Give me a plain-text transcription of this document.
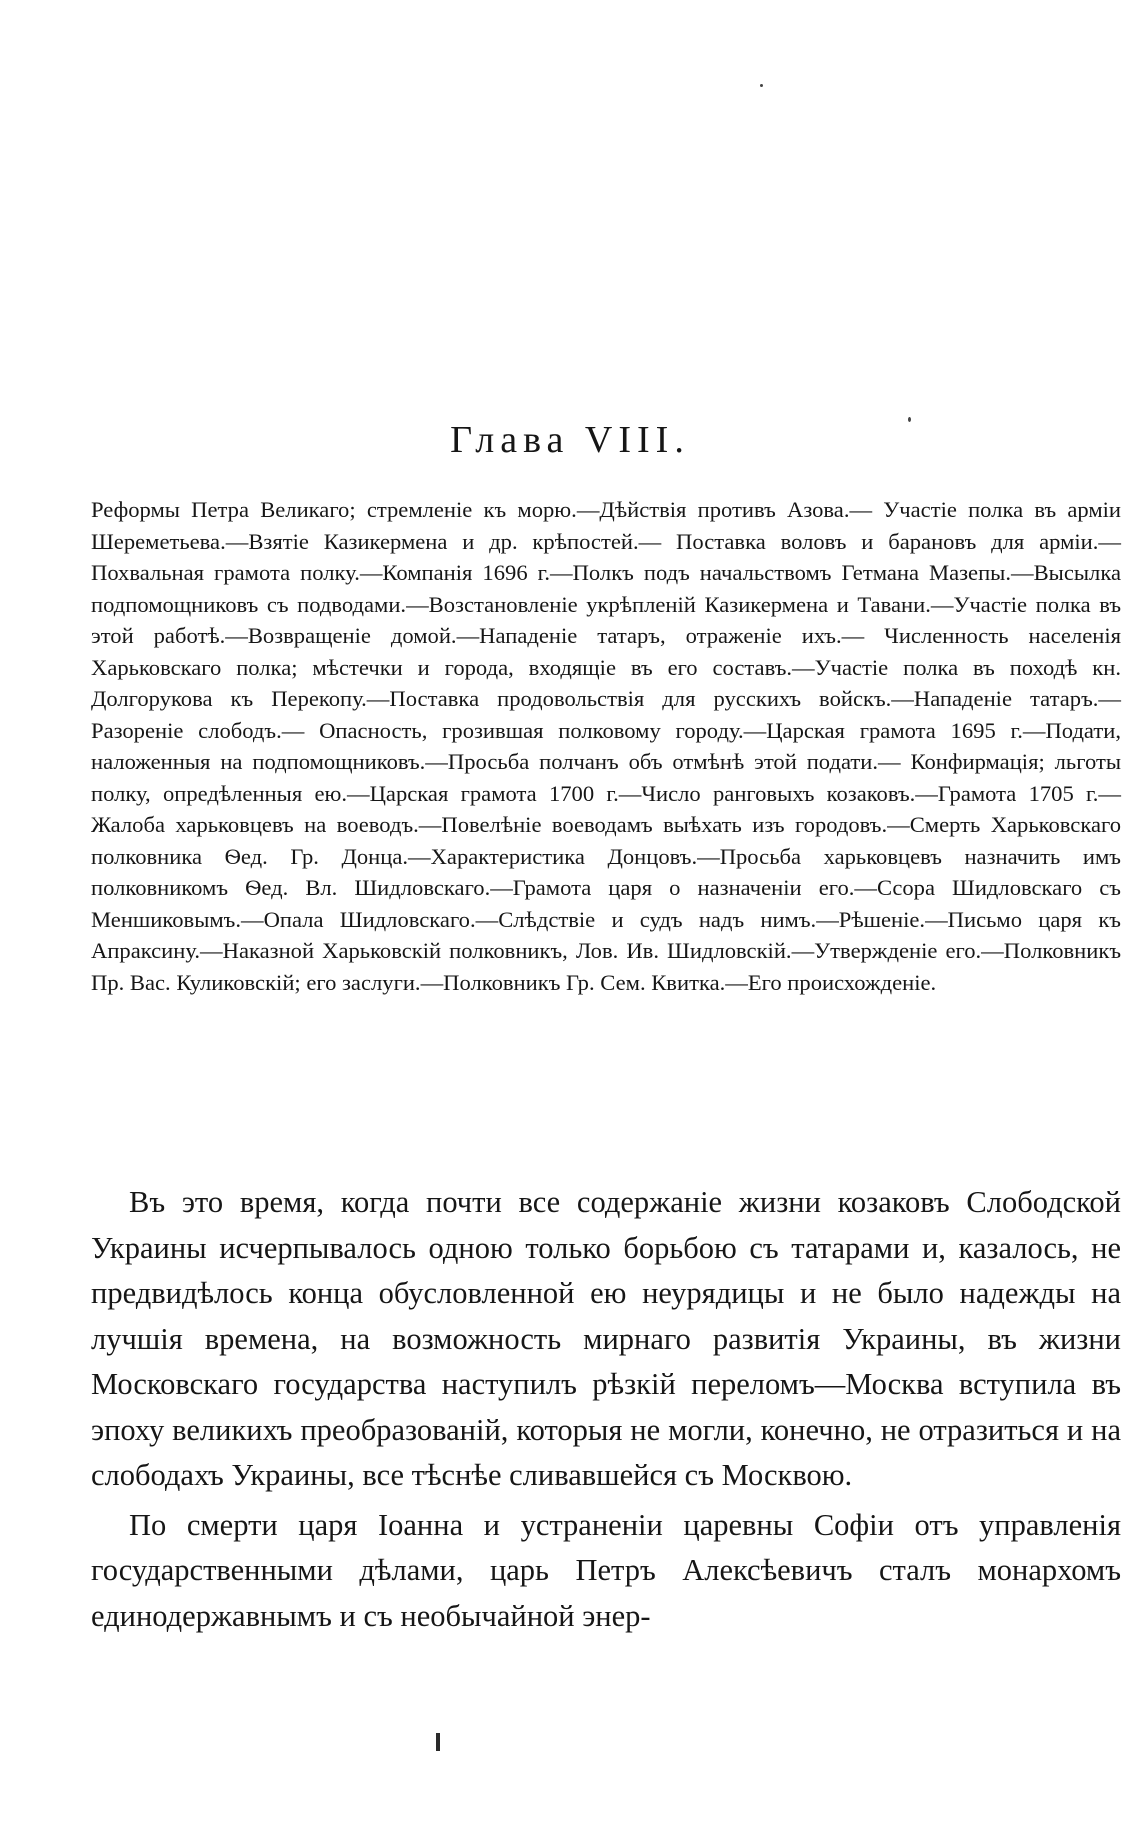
Глава VIII.

Реформы Петра Великаго; стремленіе къ морю.—Дѣйствія противъ Азова.— Участіе полка въ арміи Шереметьева.—Взятіе Казикермена и др. крѣпостей.— Поставка воловъ и барановъ для арміи.—Похвальная грамота полку.—Компанія 1696 г.—Полкъ подъ начальствомъ Гетмана Мазепы.—Высылка подпомощниковъ съ подводами.—Возстановленіе укрѣпленій Казикермена и Тавани.—Участіе полка въ этой работѣ.—Возвращеніе домой.—Нападеніе татаръ, отраженіе ихъ.— Численность населенія Харьковскаго полка; мѣстечки и города, входящіе въ его составъ.—Участіе полка въ походѣ кн. Долгорукова къ Перекопу.—Поставка продовольствія для русскихъ войскъ.—Нападеніе татаръ.—Разореніе слободъ.— Опасность, грозившая полковому городу.—Царская грамота 1695 г.—Подати, наложенныя на подпомощниковъ.—Просьба полчанъ объ отмѣнѣ этой подати.— Конфирмація; льготы полку, опредѣленныя ею.—Царская грамота 1700 г.—Число ранговыхъ козаковъ.—Грамота 1705 г.—Жалоба харьковцевъ на воеводъ.—Повелѣніе воеводамъ выѣхать изъ городовъ.—Смерть Харьковскаго полковника Ѳед. Гр. Донца.—Характеристика Донцовъ.—Просьба харьковцевъ назначить имъ полковникомъ Ѳед. Вл. Шидловскаго.—Грамота царя о назначеніи его.—Ссора Шидловскаго съ Меншиковымъ.—Опала Шидловскаго.—Слѣдствіе и судъ надъ нимъ.—Рѣшеніе.—Письмо царя къ Апраксину.—Наказной Харьковскій полковникъ, Лов. Ив. Шидловскій.—Утвержденіе его.—Полковникъ Пр. Вас. Куликовскій; его заслуги.—Полковникъ Гр. Сем. Квитка.—Его происхожденіе.

Въ это время, когда почти все содержаніе жизни козаковъ Слободской Украины исчерпывалось одною только борьбою съ татарами и, казалось, не предвидѣлось конца обусловленной ею неурядицы и не было надежды на лучшія времена, на возможность мирнаго развитія Украины, въ жизни Московскаго государства наступилъ рѣзкій переломъ—Москва вступила въ эпоху великихъ преобразованій, которыя не могли, конечно, не отразиться и на слободахъ Украины, все тѣснѣе сливавшейся съ Москвою.

По смерти царя Іоанна и устраненіи царевны Софіи отъ управленія государственными дѣлами, царь Петръ Алексѣевичъ сталъ монархомъ единодержавнымъ и съ необычайной энер-
